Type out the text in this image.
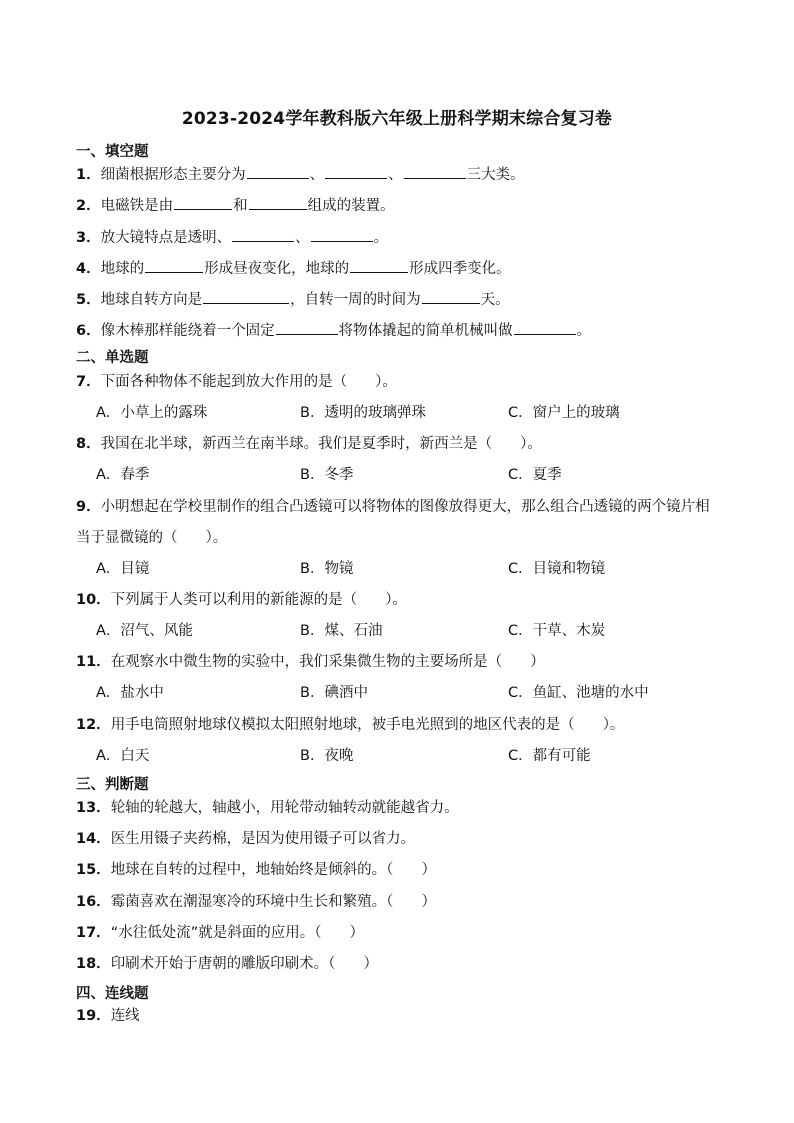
2023-2024学年教科版六年级上册科学期末综合复习卷
一、填空题
1．细菌根据形态主要分为	、	、	三大类。
2．电磁铁是由	和	组成的装置。
3．放大镜特点是透明、	、	。
4．地球的	形成昼夜变化，地球的	形成四季变化。
5．地球自转方向是	，自转一周的时间为	天。
6．像木棒那样能绕着一个固定	将物体撬起的简单机械叫做	。
二、单选题
7．下面各种物体不能起到放大作用的是（ ）。
A．小草上的露珠	B．透明的玻璃弹珠	C．窗户上的玻璃
8．我国在北半球，新西兰在南半球。我们是夏季时，新西兰是（ ）。
A．春季	B．冬季	C．夏季
9．小明想起在学校里制作的组合凸透镜可以将物体的图像放得更大，那么组合凸透镜的两个镜片相
当于显微镜的（ ）。
A．目镜	B．物镜	C．目镜和物镜
10．下列属于人类可以利用的新能源的是（ ）。
A．沼气、风能	B．煤、石油	C．干草、木炭
11．在观察水中微生物的实验中，我们采集微生物的主要场所是（ ）
A．盐水中	B．碘酒中	C．鱼缸、池塘的水中
12．用手电筒照射地球仪模拟太阳照射地球，被手电光照到的地区代表的是（ ）。
A．白天	B．夜晚	C．都有可能
三、判断题
13．轮轴的轮越大，轴越小，用轮带动轴转动就能越省力。
14．医生用镊子夹药棉，是因为使用镊子可以省力。
15．地球在自转的过程中，地轴始终是倾斜的。（ ）
16．霉菌喜欢在潮湿寒冷的环境中生长和繁殖。（ ）
17．“水往低处流”就是斜面的应用。（ ）
18．印刷术开始于唐朝的雕版印刷术。（ ）
四、连线题
19．连线
